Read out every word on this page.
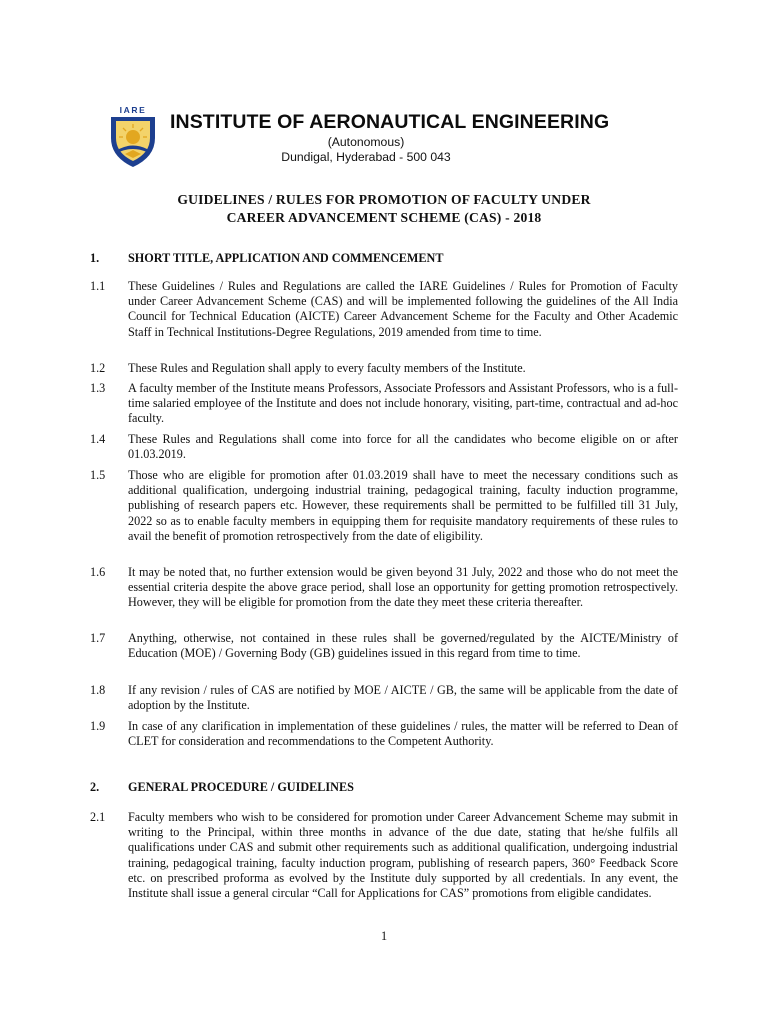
IARE
INSTITUTE OF AERONAUTICAL ENGINEERING
(Autonomous)
Dundigal, Hyderabad - 500 043
GUIDELINES / RULES FOR PROMOTION OF FACULTY UNDER
CAREER ADVANCEMENT SCHEME (CAS) - 2018
1. SHORT TITLE, APPLICATION AND COMMENCEMENT
1.1 These Guidelines / Rules and Regulations are called the IARE Guidelines / Rules for Promotion of Faculty under Career Advancement Scheme (CAS) and will be implemented following the guidelines of the All India Council for Technical Education (AICTE) Career Advancement Scheme for the Faculty and Other Academic Staff in Technical Institutions-Degree Regulations, 2019 amended from time to time.
1.2 These Rules and Regulation shall apply to every faculty members of the Institute.
1.3 A faculty member of the Institute means Professors, Associate Professors and Assistant Professors, who is a full-time salaried employee of the Institute and does not include honorary, visiting, part-time, contractual and ad-hoc faculty.
1.4 These Rules and Regulations shall come into force for all the candidates who become eligible on or after 01.03.2019.
1.5 Those who are eligible for promotion after 01.03.2019 shall have to meet the necessary conditions such as additional qualification, undergoing industrial training, pedagogical training, faculty induction programme, publishing of research papers etc. However, these requirements shall be permitted to be fulfilled till 31 July, 2022 so as to enable faculty members in equipping them for requisite mandatory requirements of these rules to avail the benefit of promotion retrospectively from the date of eligibility.
1.6 It may be noted that, no further extension would be given beyond 31 July, 2022 and those who do not meet the essential criteria despite the above grace period, shall lose an opportunity for getting promotion retrospectively. However, they will be eligible for promotion from the date they meet these criteria thereafter.
1.7 Anything, otherwise, not contained in these rules shall be governed/regulated by the AICTE/Ministry of Education (MOE) / Governing Body (GB) guidelines issued in this regard from time to time.
1.8 If any revision / rules of CAS are notified by MOE / AICTE / GB, the same will be applicable from the date of adoption by the Institute.
1.9 In case of any clarification in implementation of these guidelines / rules, the matter will be referred to Dean of CLET for consideration and recommendations to the Competent Authority.
2. GENERAL PROCEDURE / GUIDELINES
2.1 Faculty members who wish to be considered for promotion under Career Advancement Scheme may submit in writing to the Principal, within three months in advance of the due date, stating that he/she fulfils all qualifications under CAS and submit other requirements such as additional qualification, undergoing industrial training, pedagogical training, faculty induction program, publishing of research papers, 360° Feedback Score etc. on prescribed proforma as evolved by the Institute duly supported by all credentials. In any event, the Institute shall issue a general circular “Call for Applications for CAS” promotions from eligible candidates.
1
